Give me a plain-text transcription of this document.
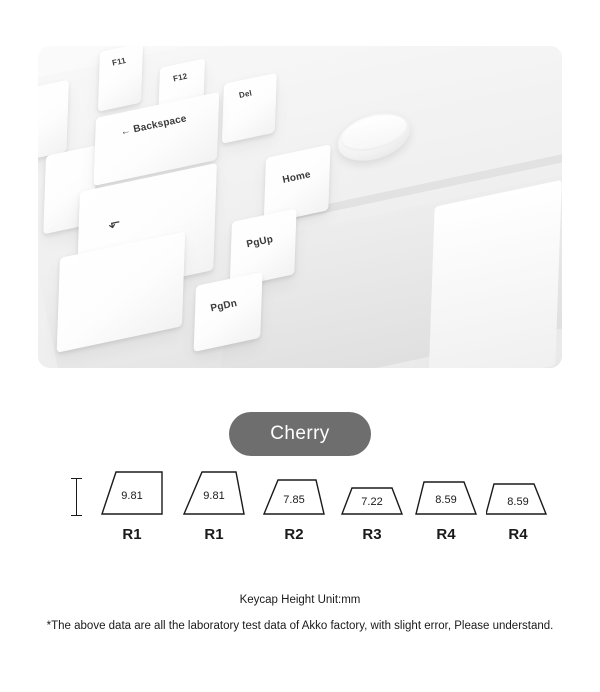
F11
F12
Del
← Backspace
⬐
Home
PgUp
PgDn
Cherry
9.81
R1
9.81
R1
7.85
R2
7.22
R3
8.59
R4
8.59
R4
Keycap Height Unit:mm
*The above data are all the laboratory test data of Akko factory, with slight error, Please understand.
